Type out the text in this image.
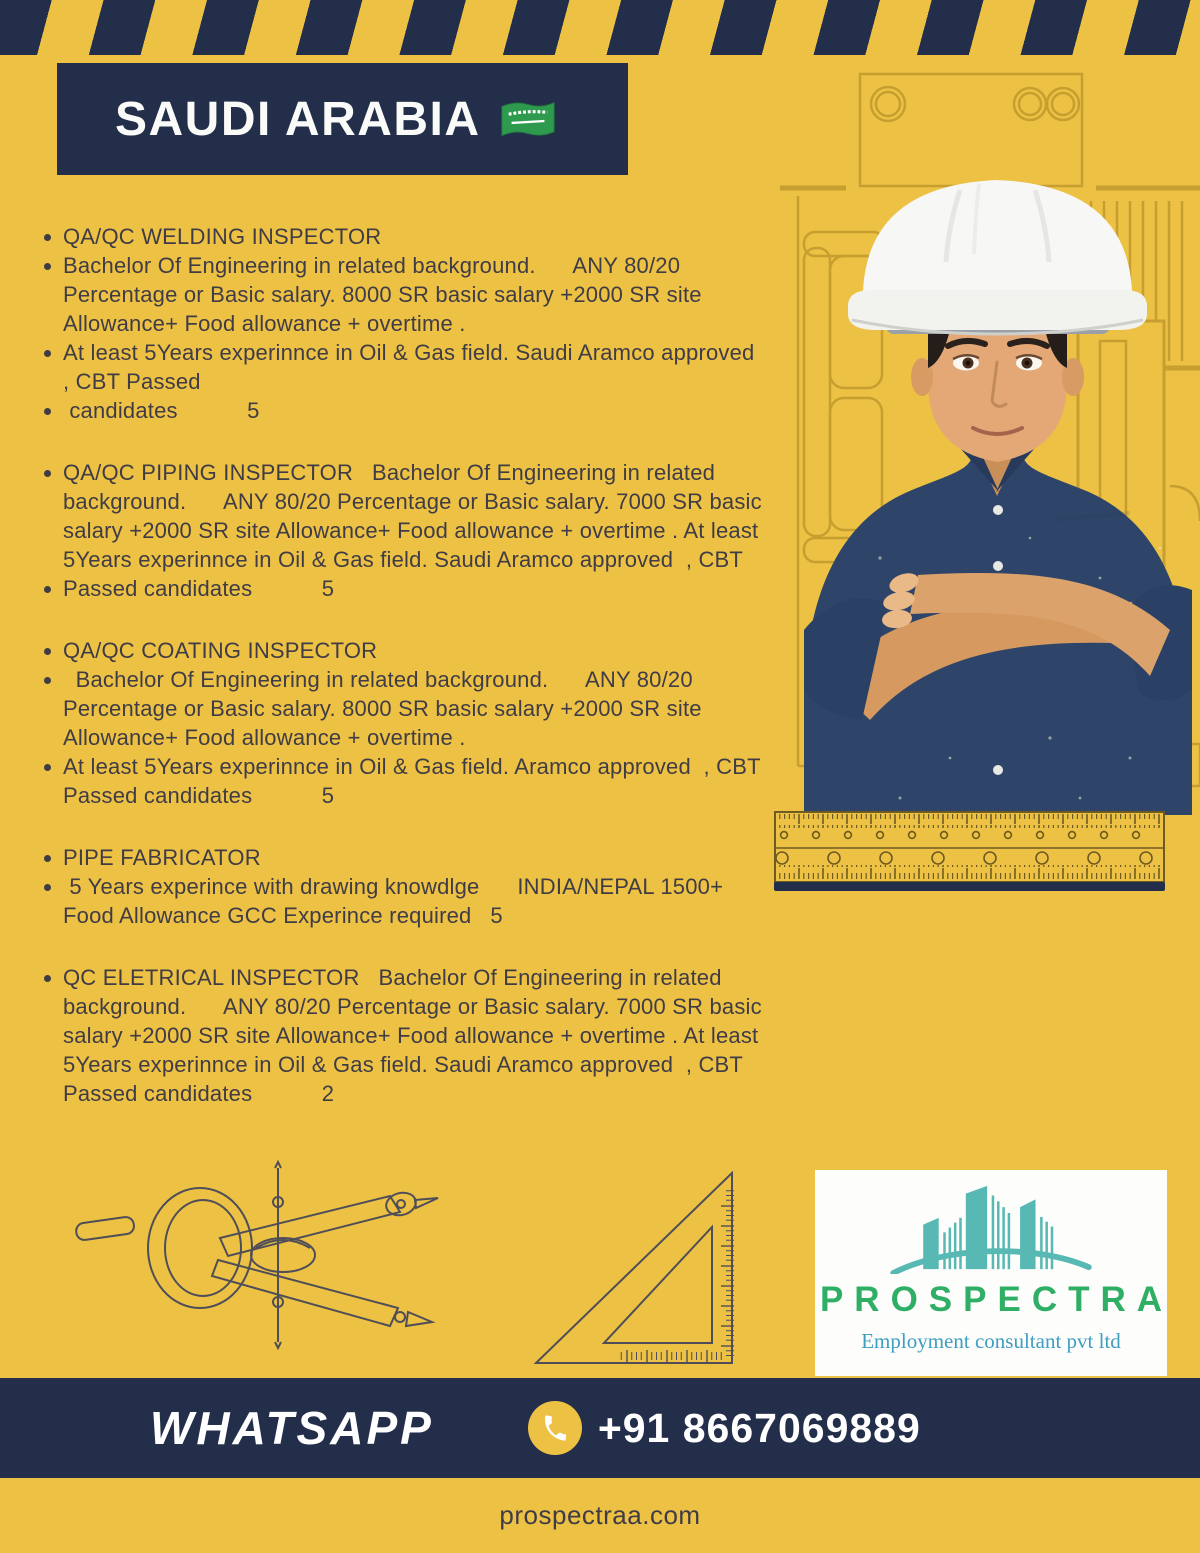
SAUDI ARABIA
QA/QC WELDING INSPECTOR
Bachelor Of Engineering in related background.      ANY 80/20 Percentage or Basic salary. 8000 SR basic salary +2000 SR site Allowance+ Food allowance + overtime .
At least 5Years experinnce in Oil & Gas field. Saudi Aramco approved  , CBT Passed
candidates           5
QA/QC PIPING INSPECTOR   Bachelor Of Engineering in related background.      ANY 80/20 Percentage or Basic salary. 7000 SR basic salary +2000 SR site Allowance+ Food allowance + overtime . At least 5Years experinnce in Oil & Gas field. Saudi Aramco approved  , CBT
Passed candidates           5
QA/QC COATING INSPECTOR
Bachelor Of Engineering in related background.      ANY 80/20 Percentage or Basic salary. 8000 SR basic salary +2000 SR site Allowance+ Food allowance + overtime .
At least 5Years experinnce in Oil & Gas field. Aramco approved  , CBT Passed candidates           5
PIPE FABRICATOR
5 Years experince with drawing knowdlge      INDIA/NEPAL 1500+ Food Allowance GCC Experince required   5
QC ELETRICAL INSPECTOR   Bachelor Of Engineering in related background.      ANY 80/20 Percentage or Basic salary. 7000 SR basic salary +2000 SR site Allowance+ Food allowance + overtime . At least 5Years experinnce in Oil & Gas field. Saudi Aramco approved  , CBT Passed candidates           2
PROSPECTRA
Employment consultant pvt ltd
WHATSAPP	+91 8667069889
prospectraa.com
